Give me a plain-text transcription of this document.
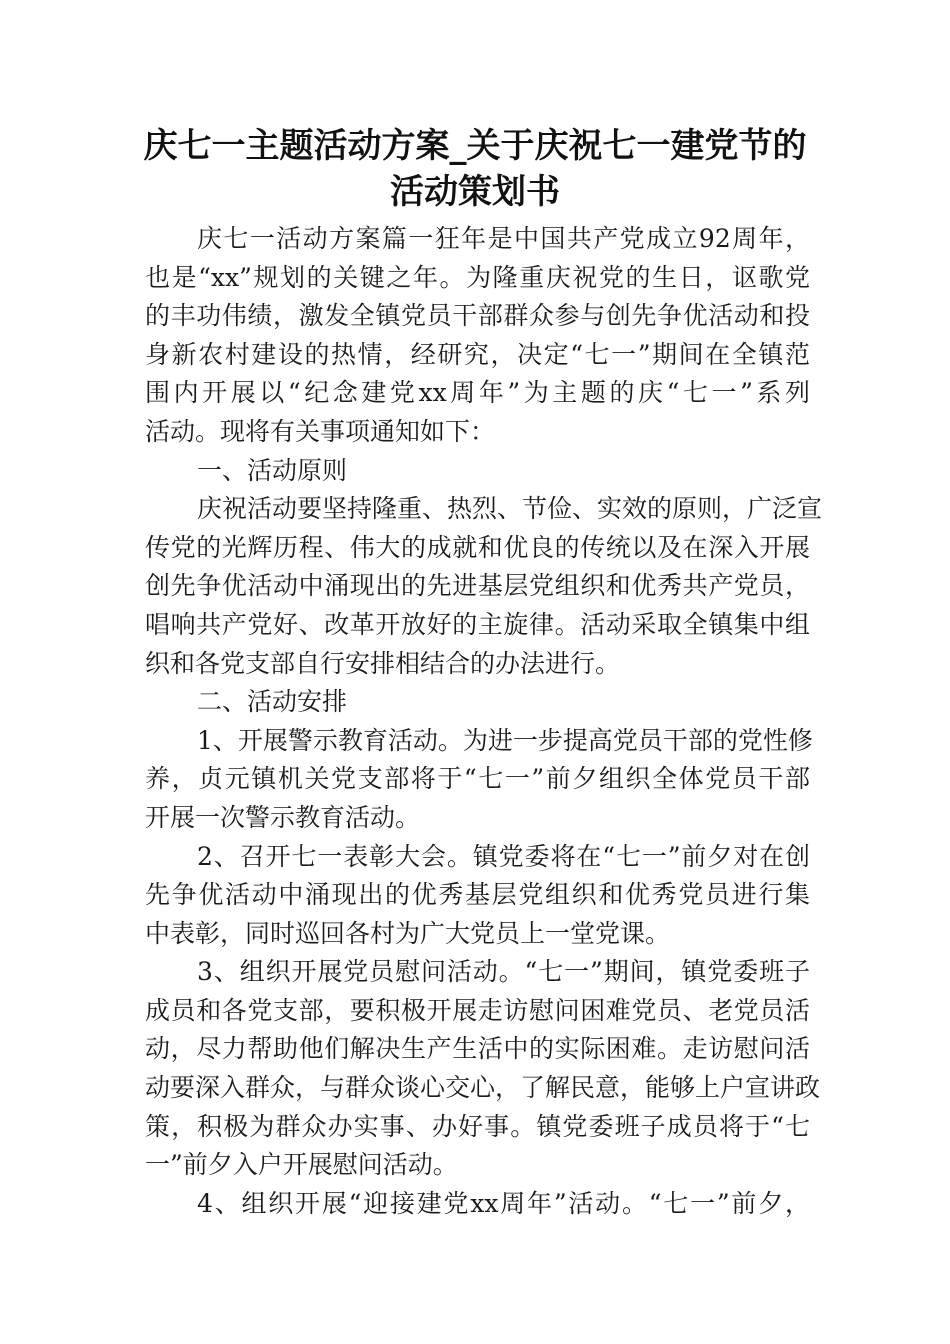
庆七一主题活动方案_关于庆祝七一建党节的
活动策划书
庆七一活动方案篇一狂年是中国共产党成立92周年，
也是“xx”规划的关键之年。为隆重庆祝党的生日，讴歌党
的丰功伟绩，激发全镇党员干部群众参与创先争优活动和投
身新农村建设的热情，经研究，决定“七一”期间在全镇范
围内开展以“纪念建党xx周年”为主题的庆“七一”系列
活动。现将有关事项通知如下：
一、活动原则
庆祝活动要坚持隆重、热烈、节俭、实效的原则，广泛宣
传党的光辉历程、伟大的成就和优良的传统以及在深入开展
创先争优活动中涌现出的先进基层党组织和优秀共产党员，
唱响共产党好、改革开放好的主旋律。活动采取全镇集中组
织和各党支部自行安排相结合的办法进行。
二、活动安排
1、开展警示教育活动。为进一步提高党员干部的党性修
养，贞元镇机关党支部将于“七一”前夕组织全体党员干部
开展一次警示教育活动。
2、召开七一表彰大会。镇党委将在“七一”前夕对在创
先争优活动中涌现出的优秀基层党组织和优秀党员进行集
中表彰，同时巡回各村为广大党员上一堂党课。
3、组织开展党员慰问活动。“七一”期间，镇党委班子
成员和各党支部，要积极开展走访慰问困难党员、老党员活
动，尽力帮助他们解决生产生活中的实际困难。走访慰问活
动要深入群众，与群众谈心交心，了解民意，能够上户宣讲政
策，积极为群众办实事、办好事。镇党委班子成员将于“七
一”前夕入户开展慰问活动。
4、组织开展“迎接建党xx周年”活动。“七一”前夕，
